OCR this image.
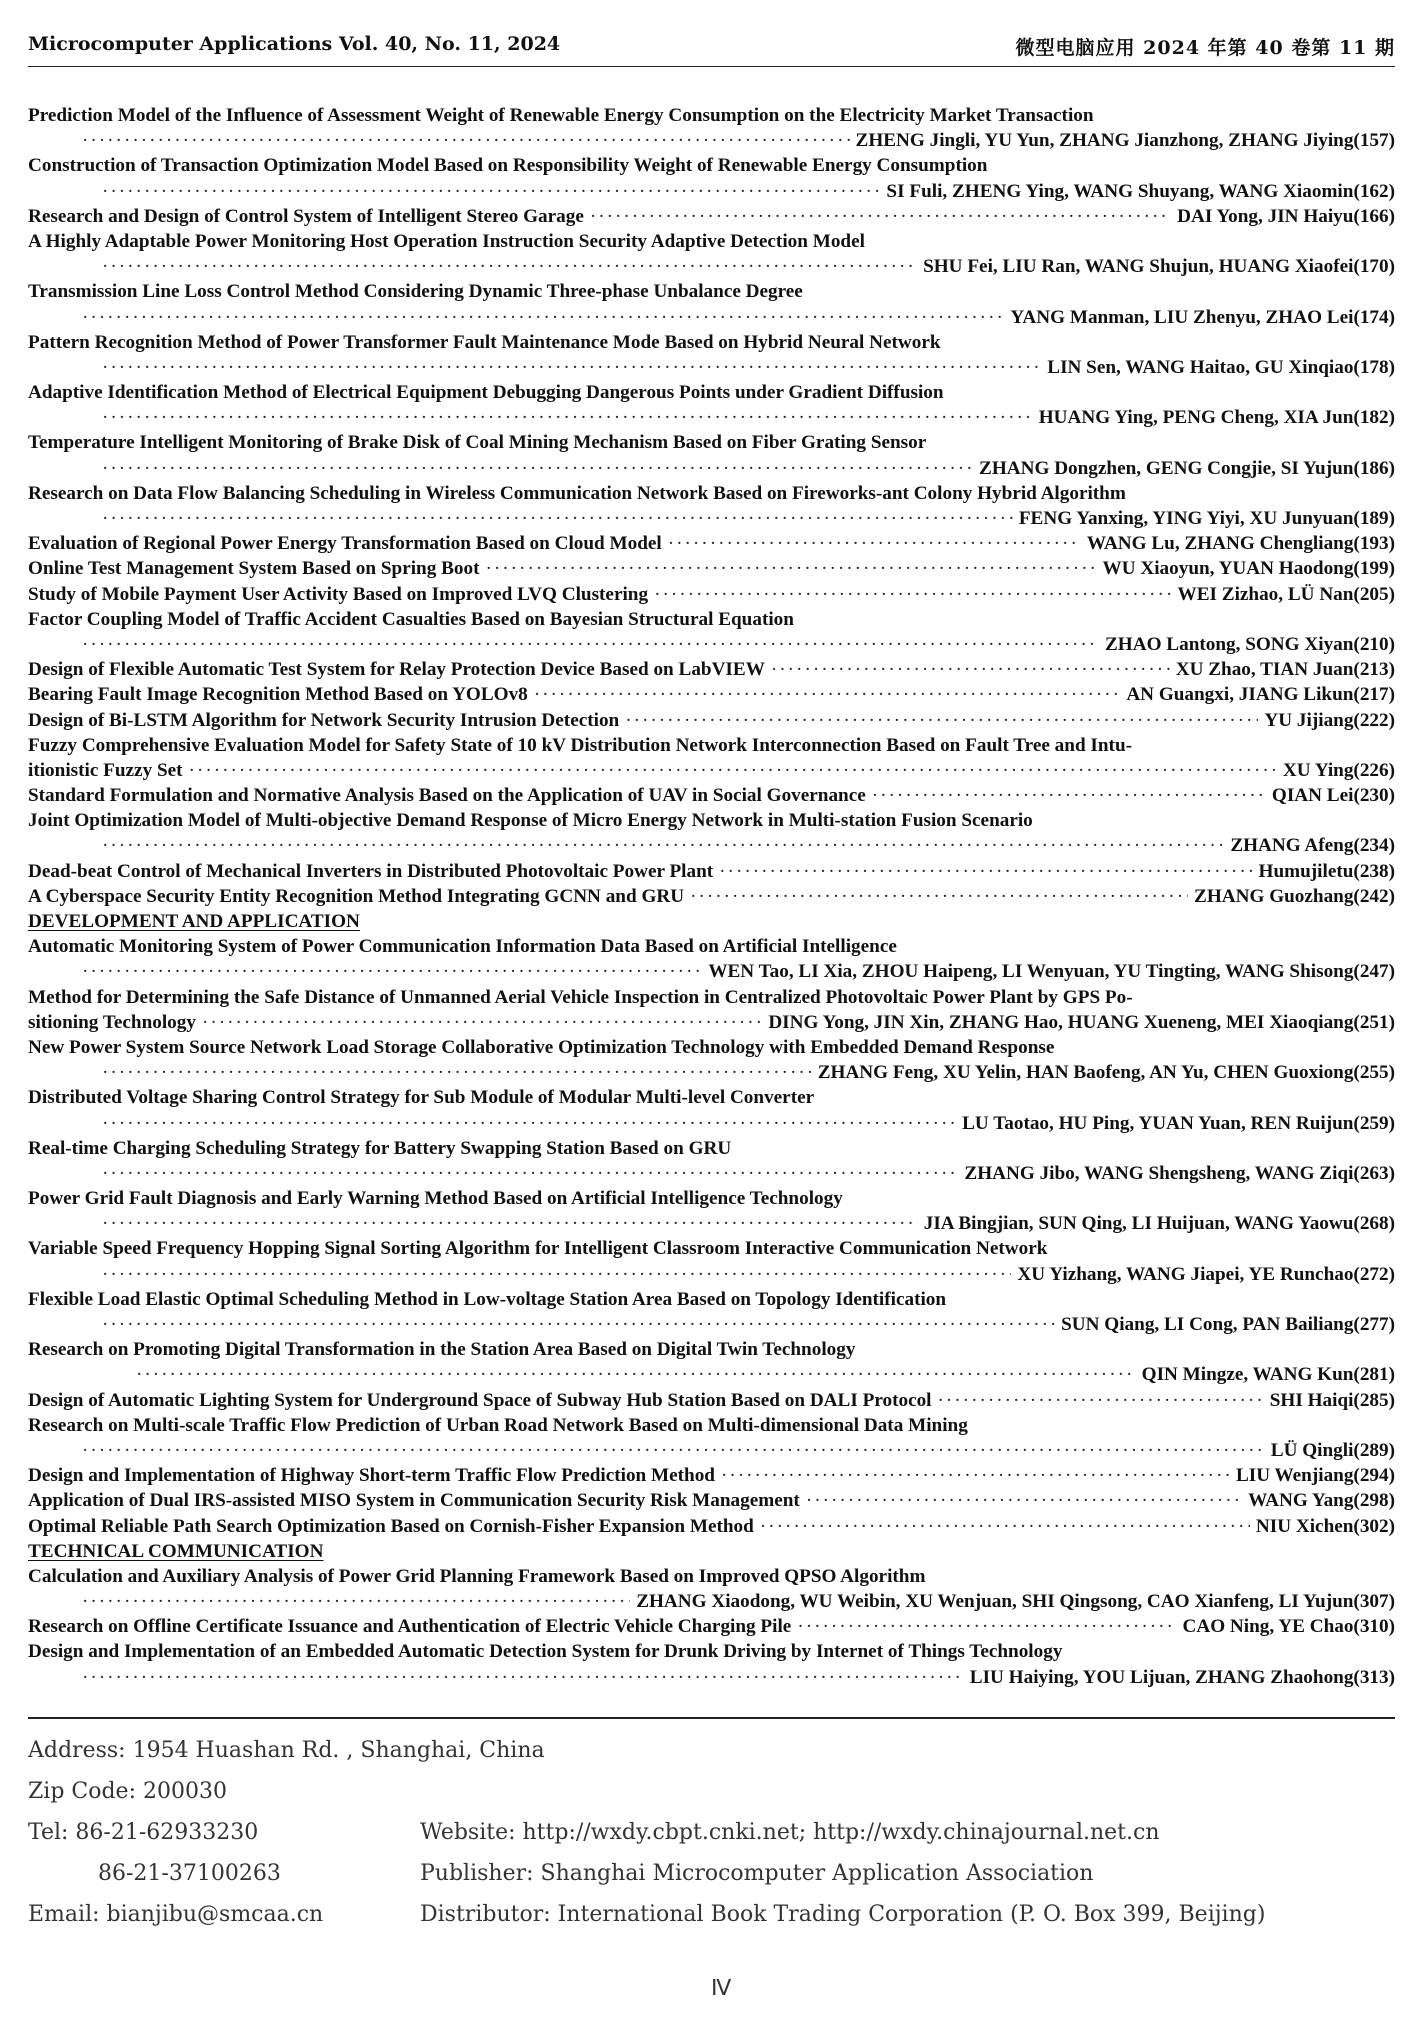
Microcomputer Applications Vol. 40, No. 11, 2024	微型电脑应用 2024 年第 40 卷第 11 期
Prediction Model of the Influence of Assessment Weight of Renewable Energy Consumption on the Electricity Market Transaction
·····
ZHENG Jingli, YU Yun, ZHANG Jianzhong, ZHANG Jiying(157)
Construction of Transaction Optimization Model Based on Responsibility Weight of Renewable Energy Consumption
·····
SI Fuli, ZHENG Ying, WANG Shuyang, WANG Xiaomin(162)
Research and Design of Control System of Intelligent Stereo Garage ·····	DAI Yong, JIN Haiyu(166)
A Highly Adaptable Power Monitoring Host Operation Instruction Security Adaptive Detection Model
·····
SHU Fei, LIU Ran, WANG Shujun, HUANG Xiaofei(170)
Transmission Line Loss Control Method Considering Dynamic Three-phase Unbalance Degree
·····
YANG Manman, LIU Zhenyu, ZHAO Lei(174)
Pattern Recognition Method of Power Transformer Fault Maintenance Mode Based on Hybrid Neural Network
·····
LIN Sen, WANG Haitao, GU Xinqiao(178)
Adaptive Identification Method of Electrical Equipment Debugging Dangerous Points under Gradient Diffusion
·····
HUANG Ying, PENG Cheng, XIA Jun(182)
Temperature Intelligent Monitoring of Brake Disk of Coal Mining Mechanism Based on Fiber Grating Sensor
·····
ZHANG Dongzhen, GENG Congjie, SI Yujun(186)
Research on Data Flow Balancing Scheduling in Wireless Communication Network Based on Fireworks-ant Colony Hybrid Algorithm
·····
FENG Yanxing, YING Yiyi, XU Junyuan(189)
Evaluation of Regional Power Energy Transformation Based on Cloud Model ·····	WANG Lu, ZHANG Chengliang(193)
Online Test Management System Based on Spring Boot ·····	WU Xiaoyun, YUAN Haodong(199)
Study of Mobile Payment User Activity Based on Improved LVQ Clustering ·····	WEI Zizhao, LÜ Nan(205)
Factor Coupling Model of Traffic Accident Casualties Based on Bayesian Structural Equation
·····
ZHAO Lantong, SONG Xiyan(210)
Design of Flexible Automatic Test System for Relay Protection Device Based on LabVIEW ·····	XU Zhao, TIAN Juan(213)
Bearing Fault Image Recognition Method Based on YOLOv8 ·····	AN Guangxi, JIANG Likun(217)
Design of Bi-LSTM Algorithm for Network Security Intrusion Detection ·····	YU Jijiang(222)
Fuzzy Comprehensive Evaluation Model for Safety State of 10 kV Distribution Network Interconnection Based on Fault Tree and Intu-
itionistic Fuzzy Set ·····	XU Ying(226)
Standard Formulation and Normative Analysis Based on the Application of UAV in Social Governance ·····	QIAN Lei(230)
Joint Optimization Model of Multi-objective Demand Response of Micro Energy Network in Multi-station Fusion Scenario
·····
ZHANG Afeng(234)
Dead-beat Control of Mechanical Inverters in Distributed Photovoltaic Power Plant ·····	Humujiletu(238)
A Cyberspace Security Entity Recognition Method Integrating GCNN and GRU ·····	ZHANG Guozhang(242)
DEVELOPMENT AND APPLICATION
Automatic Monitoring System of Power Communication Information Data Based on Artificial Intelligence
·····
WEN Tao, LI Xia, ZHOU Haipeng, LI Wenyuan, YU Tingting, WANG Shisong(247)
Method for Determining the Safe Distance of Unmanned Aerial Vehicle Inspection in Centralized Photovoltaic Power Plant by GPS Po-
sitioning Technology ·····	DING Yong, JIN Xin, ZHANG Hao, HUANG Xueneng, MEI Xiaoqiang(251)
New Power System Source Network Load Storage Collaborative Optimization Technology with Embedded Demand Response
·····
ZHANG Feng, XU Yelin, HAN Baofeng, AN Yu, CHEN Guoxiong(255)
Distributed Voltage Sharing Control Strategy for Sub Module of Modular Multi-level Converter
·····
LU Taotao, HU Ping, YUAN Yuan, REN Ruijun(259)
Real-time Charging Scheduling Strategy for Battery Swapping Station Based on GRU
·····
ZHANG Jibo, WANG Shengsheng, WANG Ziqi(263)
Power Grid Fault Diagnosis and Early Warning Method Based on Artificial Intelligence Technology
·····
JIA Bingjian, SUN Qing, LI Huijuan, WANG Yaowu(268)
Variable Speed Frequency Hopping Signal Sorting Algorithm for Intelligent Classroom Interactive Communication Network
·····
XU Yizhang, WANG Jiapei, YE Runchao(272)
Flexible Load Elastic Optimal Scheduling Method in Low-voltage Station Area Based on Topology Identification
·····
SUN Qiang, LI Cong, PAN Bailiang(277)
Research on Promoting Digital Transformation in the Station Area Based on Digital Twin Technology
·····
QIN Mingze, WANG Kun(281)
Design of Automatic Lighting System for Underground Space of Subway Hub Station Based on DALI Protocol ·····	SHI Haiqi(285)
Research on Multi-scale Traffic Flow Prediction of Urban Road Network Based on Multi-dimensional Data Mining
·····
LÜ Qingli(289)
Design and Implementation of Highway Short-term Traffic Flow Prediction Method ·····	LIU Wenjiang(294)
Application of Dual IRS-assisted MISO System in Communication Security Risk Management ·····	WANG Yang(298)
Optimal Reliable Path Search Optimization Based on Cornish-Fisher Expansion Method ·····	NIU Xichen(302)
TECHNICAL COMMUNICATION
Calculation and Auxiliary Analysis of Power Grid Planning Framework Based on Improved QPSO Algorithm
·····
ZHANG Xiaodong, WU Weibin, XU Wenjuan, SHI Qingsong, CAO Xianfeng, LI Yujun(307)
Research on Offline Certificate Issuance and Authentication of Electric Vehicle Charging Pile ·····	CAO Ning, YE Chao(310)
Design and Implementation of an Embedded Automatic Detection System for Drunk Driving by Internet of Things Technology
·····
LIU Haiying, YOU Lijuan, ZHANG Zhaohong(313)
Address: 1954 Huashan Rd. , Shanghai, China
Zip Code: 200030
Tel: 86-21-62933230
86-21-37100263
Email: bianjibu@smcaa.cn
Website: http://wxdy.cbpt.cnki.net; http://wxdy.chinajournal.net.cn
Publisher: Shanghai Microcomputer Application Association
Distributor: International Book Trading Corporation (P. O. Box 399, Beijing)
Ⅳ
